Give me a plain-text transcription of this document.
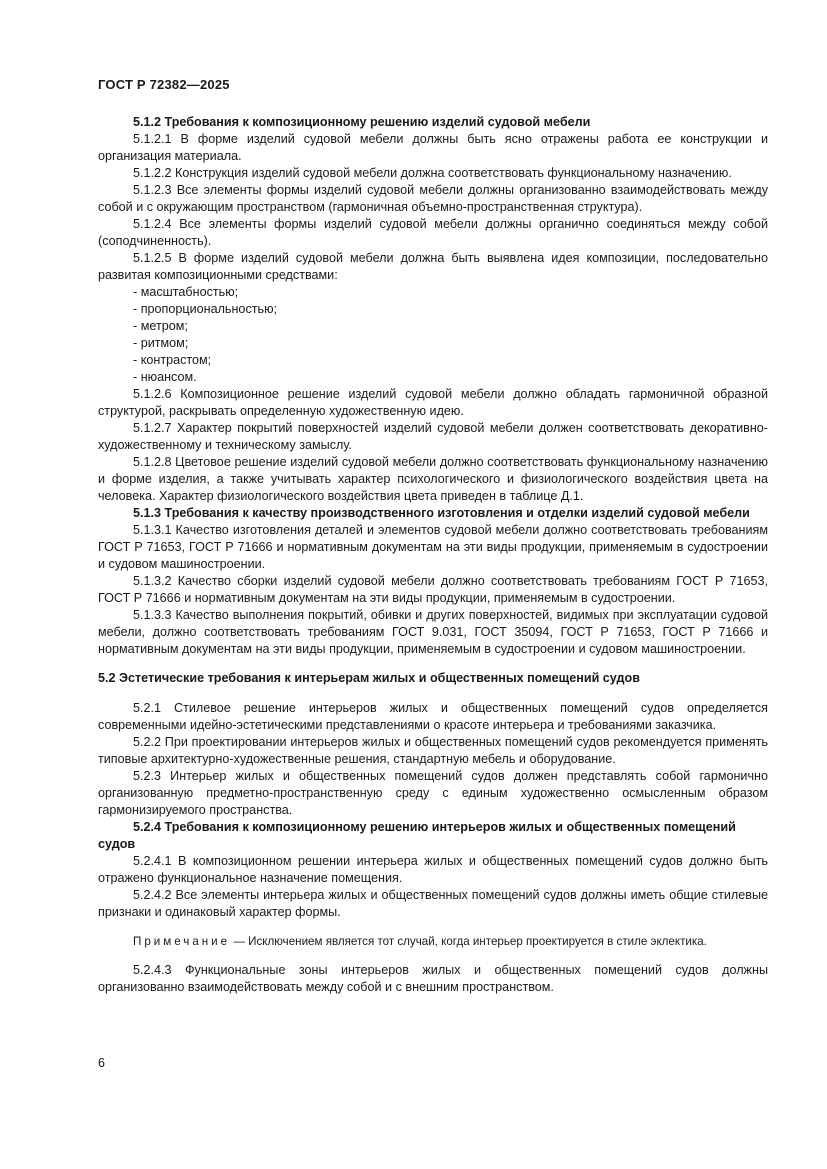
ГОСТ Р 72382—2025

5.1.2 Требования к композиционному решению изделий судовой мебели

5.1.2.1 В форме изделий судовой мебели должны быть ясно отражены работа ее конструкции и организация материала.

5.1.2.2 Конструкция изделий судовой мебели должна соответствовать функциональному назначению.

5.1.2.3 Все элементы формы изделий судовой мебели должны организованно взаимодействовать между собой и с окружающим пространством (гармоничная объемно-пространственная структура).

5.1.2.4 Все элементы формы изделий судовой мебели должны органично соединяться между собой (соподчиненность).

5.1.2.5 В форме изделий судовой мебели должна быть выявлена идея композиции, последовательно развитая композиционными средствами:

- масштабностью;
- пропорциональностью;
- метром;
- ритмом;
- контрастом;
- нюансом.

5.1.2.6 Композиционное решение изделий судовой мебели должно обладать гармоничной образной структурой, раскрывать определенную художественную идею.

5.1.2.7 Характер покрытий поверхностей изделий судовой мебели должен соответствовать декоративно-художественному и техническому замыслу.

5.1.2.8 Цветовое решение изделий судовой мебели должно соответствовать функциональному назначению и форме изделия, а также учитывать характер психологического и физиологического воздействия цвета на человека. Характер физиологического воздействия цвета приведен в таблице Д.1.

5.1.3 Требования к качеству производственного изготовления и отделки изделий судовой мебели

5.1.3.1 Качество изготовления деталей и элементов судовой мебели должно соответствовать требованиям ГОСТ Р 71653, ГОСТ Р 71666 и нормативным документам на эти виды продукции, применяемым в судостроении и судовом машиностроении.

5.1.3.2 Качество сборки изделий судовой мебели должно соответствовать требованиям ГОСТ Р 71653, ГОСТ Р 71666 и нормативным документам на эти виды продукции, применяемым в судостроении.

5.1.3.3 Качество выполнения покрытий, обивки и других поверхностей, видимых при эксплуатации судовой мебели, должно соответствовать требованиям ГОСТ 9.031, ГОСТ 35094, ГОСТ Р 71653, ГОСТ Р 71666 и нормативным документам на эти виды продукции, применяемым в судостроении и судовом машиностроении.

5.2 Эстетические требования к интерьерам жилых и общественных помещений судов

5.2.1 Стилевое решение интерьеров жилых и общественных помещений судов определяется современными идейно-эстетическими представлениями о красоте интерьера и требованиями заказчика.

5.2.2 При проектировании интерьеров жилых и общественных помещений судов рекомендуется применять типовые архитектурно-художественные решения, стандартную мебель и оборудование.

5.2.3 Интерьер жилых и общественных помещений судов должен представлять собой гармонично организованную предметно-пространственную среду с единым художественно осмысленным образом гармонизируемого пространства.

5.2.4 Требования к композиционному решению интерьеров жилых и общественных помещений судов

5.2.4.1 В композиционном решении интерьера жилых и общественных помещений судов должно быть отражено функциональное назначение помещения.

5.2.4.2 Все элементы интерьера жилых и общественных помещений судов должны иметь общие стилевые признаки и одинаковый характер формы.

Примечание — Исключением является тот случай, когда интерьер проектируется в стиле эклектика.

5.2.4.3 Функциональные зоны интерьеров жилых и общественных помещений судов должны организованно взаимодействовать между собой и с внешним пространством.

6
